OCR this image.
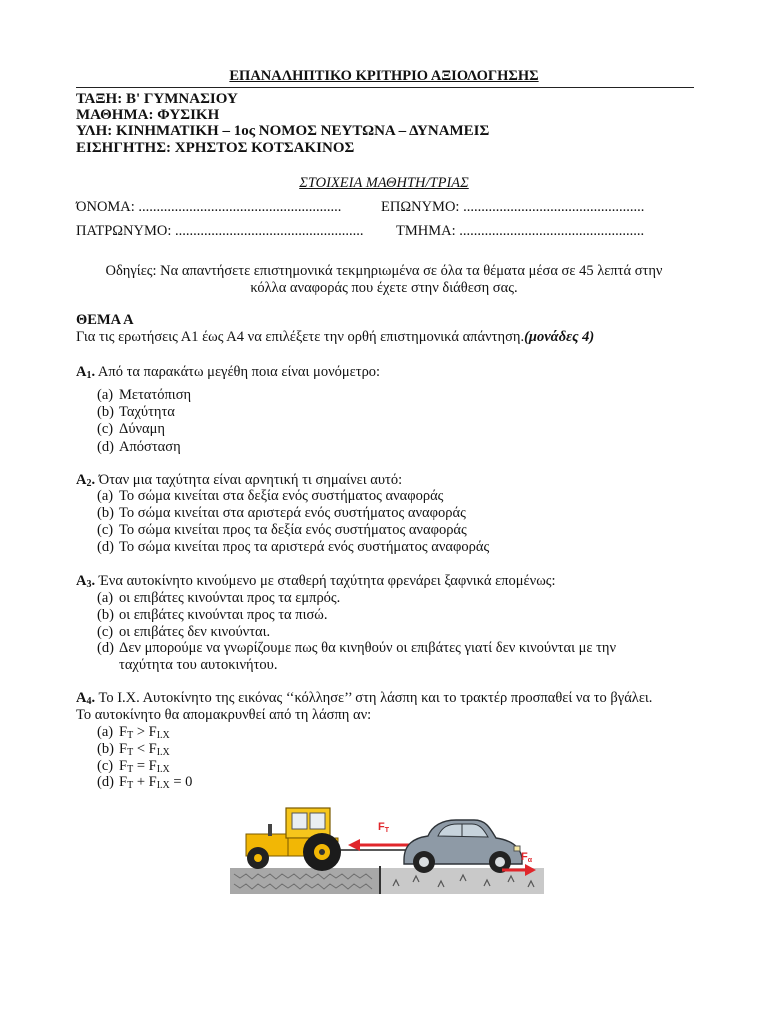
ΕΠΑΝΑΛΗΠΤΙΚΟ ΚΡΙΤΗΡΙΟ ΑΞΙΟΛΟΓΗΣΗΣ
ΤΑΞΗ: Β' ΓΥΜΝΑΣΙΟΥ
ΜΑΘΗΜΑ: ΦΥΣΙΚΗ
ΥΛΗ: ΚΙΝΗΜΑΤΙΚΗ – 1ος ΝΟΜΟΣ ΝΕΥΤΩΝΑ – ΔΥΝΑΜΕΙΣ
ΕΙΣΗΓΗΤΗΣ: ΧΡΗΣΤΟΣ ΚΟΤΣΑΚΙΝΟΣ
ΣΤΟΙΧΕΙΑ ΜΑΘΗΤΗ/ΤΡΙΑΣ
ΌΝΟΜΑ: ........................................................	ΕΠΩΝΥΜΟ: ..................................................
ΠΑΤΡΩΝΥΜΟ: .................................................... ΤΜΗΜΑ: ...................................................
Οδηγίες: Να απαντήσετε επιστημονικά τεκμηριωμένα σε όλα τα θέματα μέσα σε 45 λεπτά στην
κόλλα αναφοράς που έχετε στην διάθεση σας.
ΘΕΜΑ Α
Για τις ερωτήσεις Α1 έως Α4 να επιλέξετε την ορθή επιστημονικά απάντηση.(μονάδες 4)
$A_1$. Από τα παρακάτω μεγέθη ποια είναι μονόμετρο:
(a) Μετατόπιση
(b) Ταχύτητα
(c) Δύναμη
(d) Απόσταση
$A_2$. Όταν μια ταχύτητα είναι αρνητική τι σημαίνει αυτό:
(a) Το σώμα κινείται στα δεξία ενός συστήματος αναφοράς
(b) Το σώμα κινείται στα αριστερά ενός συστήματος αναφοράς
(c) Το σώμα κινείται προς τα δεξία ενός συστήματος αναφοράς
(d) Το σώμα κινείται προς τα αριστερά ενός συστήματος αναφοράς
$A_3$. Ένα αυτοκίνητο κινούμενο με σταθερή ταχύτητα φρενάρει ξαφνικά επομένως:
(a) οι επιβάτες κινούνται προς τα εμπρός.
(b) οι επιβάτες κινούνται προς τα πισώ.
(c) οι επιβάτες δεν κινούνται.
(d) Δεν μπορούμε να γνωρίζουμε πως θα κινηθούν οι επιβάτες γιατί δεν κινούνται με την
ταχύτητα του αυτοκινήτου.
$A_4$. Το Ι.Χ. Αυτοκίνητο της εικόνας ‘‘κόλλησε’’ στη λάσπη και το τρακτέρ προσπαθεί να το βγάλει.
Το αυτοκίνητο θα απομακρυνθεί από τη λάσπη αν:
(a) $F_T > F_{I.X}$
(b) $F_T < F_{I.X}$
(c) $F_T = F_{I.X}$
(d) $F_T + F_{I.X} = 0$
FT
Fα
